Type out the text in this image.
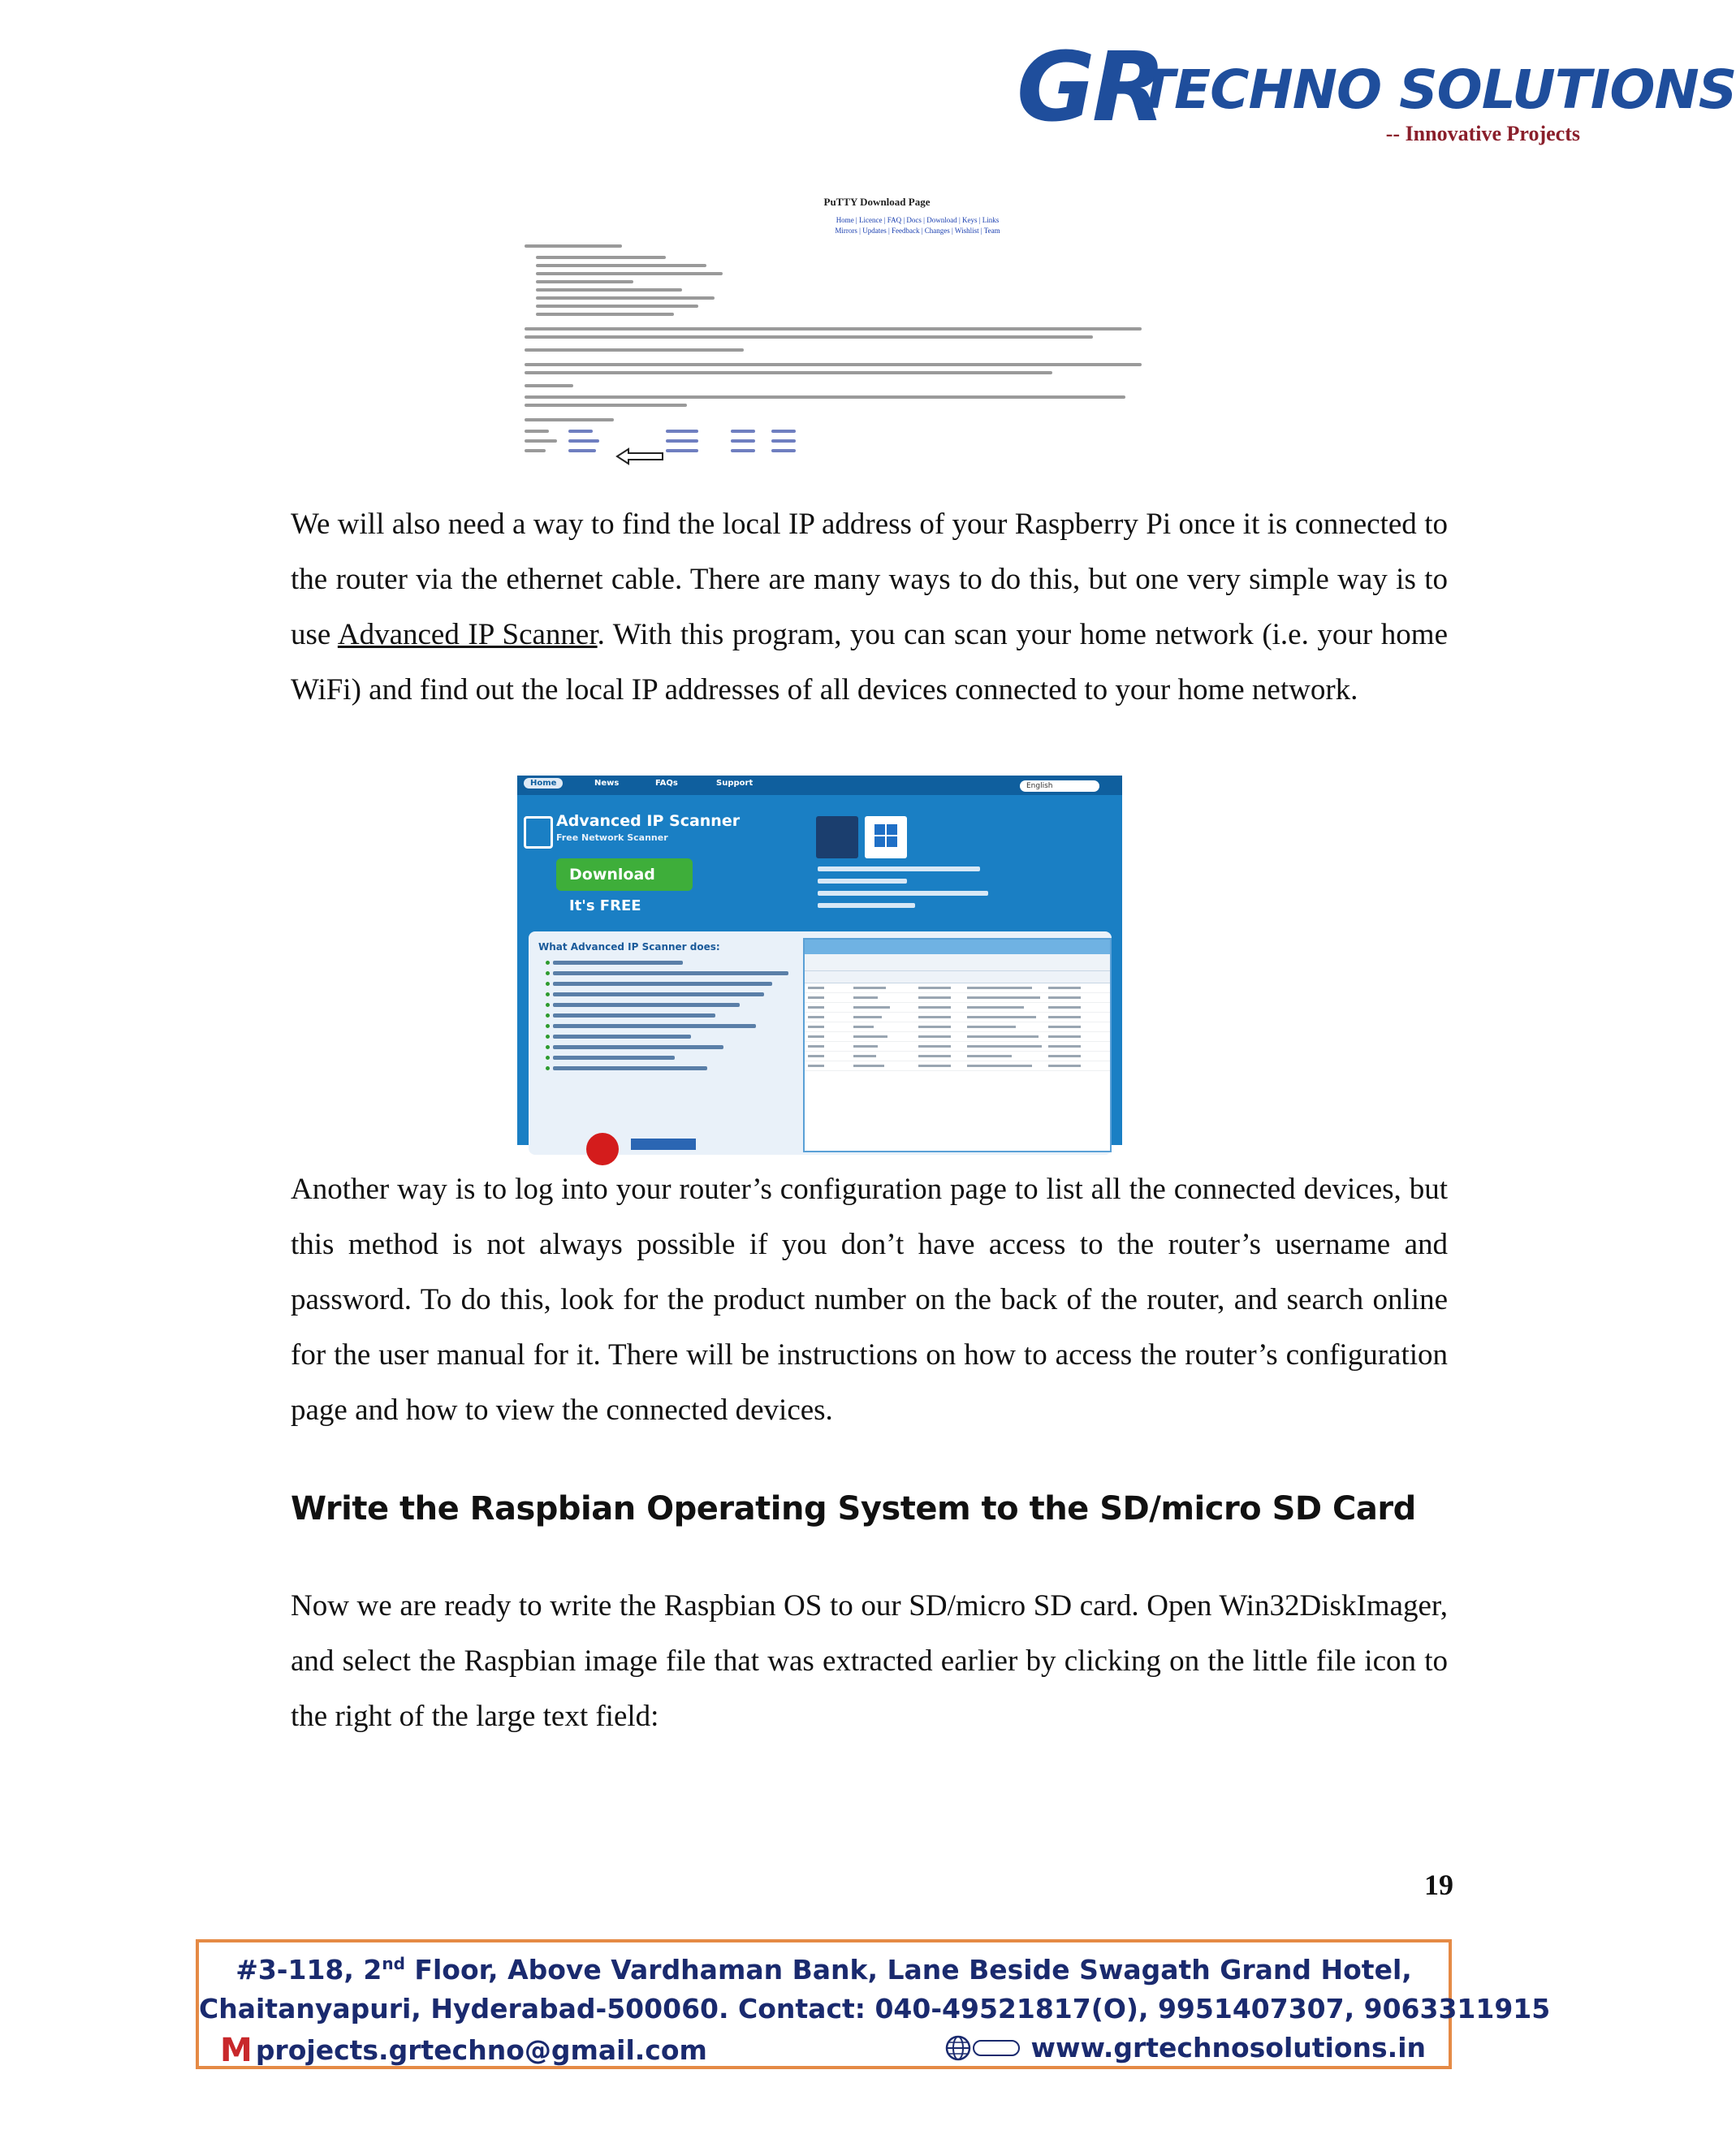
GR
TECHNO SOLUTIONS
-- Innovative Projects
PuTTY Download Page
Home | Licence | FAQ | Docs | Download | Keys | Links
Mirrors | Updates | Feedback | Changes | Wishlist | Team

We will also need a way to find the local IP address of your Raspberry Pi once it is connected to the router via the ethernet cable. There are many ways to do this, but one very simple way is to use Advanced IP Scanner. With this program, you can scan your home network (i.e. your home WiFi) and find out the local IP addresses of all devices connected to your home network.

Home	News	FAQs	Support	English
Advanced IP Scanner
Free Network Scanner
Download
It's FREE
What Advanced IP Scanner does:

Another way is to log into your router’s configuration page to list all the connected devices, but this method is not always possible if you don’t have access to the router’s username and password. To do this, look for the product number on the back of the router, and search online for the user manual for it. There will be instructions on how to access the router’s configuration page and how to view the connected devices.

Write the Raspbian Operating System to the SD/micro SD Card

Now we are ready to write the Raspbian OS to our SD/micro SD card. Open Win32DiskImager, and select the Raspbian image file that was extracted earlier by clicking on the little file icon to the right of the large text field:

19
#3-118, 2nd Floor, Above Vardhaman Bank, Lane Beside Swagath Grand Hotel,
Chaitanyapuri, Hyderabad-500060. Contact: 040-49521817(O), 9951407307, 9063311915
M projects.grtechno@gmail.com	www.grtechnosolutions.in
